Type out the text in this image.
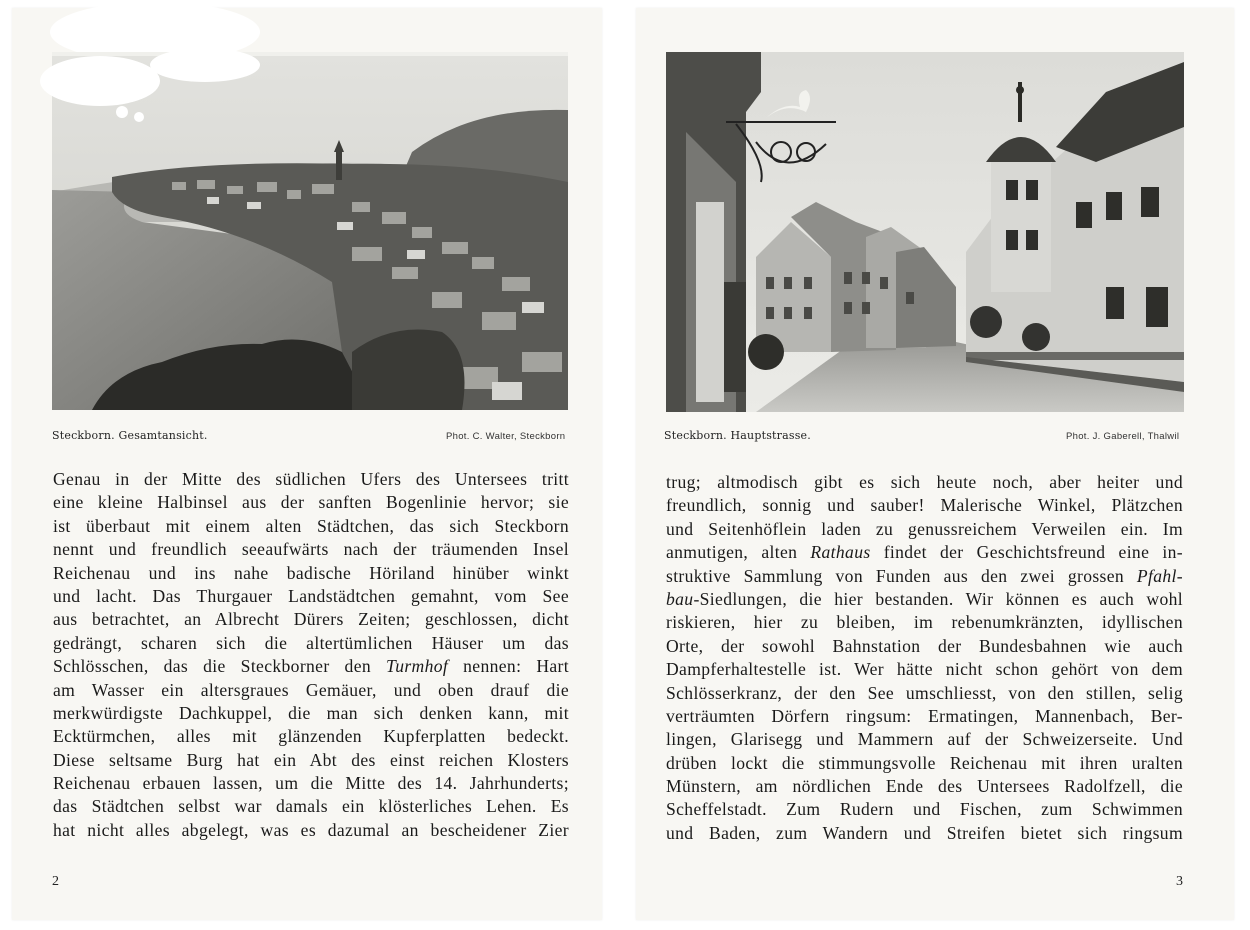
Steckborn. Gesamtansicht.	Phot. C. Walter, Steckborn
Genau in der Mitte des südlichen Ufers des Untersees tritt
eine kleine Halbinsel aus der sanften Bogenlinie hervor; sie
ist überbaut mit einem alten Städtchen, das sich Steckborn
nennt und freundlich seeaufwärts nach der träumenden Insel
Reichenau und ins nahe badische Höriland hinüber winkt
und lacht. Das Thurgauer Landstädtchen gemahnt, vom See
aus betrachtet, an Albrecht Dürers Zeiten; geschlossen, dicht
gedrängt, scharen sich die altertümlichen Häuser um das
Schlösschen, das die Steckborner den Turmhof nennen: Hart
am Wasser ein altersgraues Gemäuer, und oben drauf die
merkwürdigste Dachkuppel, die man sich denken kann, mit
Ecktürmchen, alles mit glänzenden Kupferplatten bedeckt.
Diese seltsame Burg hat ein Abt des einst reichen Klosters
Reichenau erbauen lassen, um die Mitte des 14. Jahrhunderts;
das Städtchen selbst war damals ein klösterliches Lehen. Es
hat nicht alles abgelegt, was es dazumal an bescheidener Zier
2
Steckborn. Hauptstrasse.	Phot. J. Gaberell, Thalwil
trug; altmodisch gibt es sich heute noch, aber heiter und
freundlich, sonnig und sauber! Malerische Winkel, Plätzchen
und Seitenhöflein laden zu genussreichem Verweilen ein. Im
anmutigen, alten Rathaus findet der Geschichtsfreund eine in-
struktive Sammlung von Funden aus den zwei grossen Pfahl-
bau-Siedlungen, die hier bestanden. Wir können es auch wohl
riskieren, hier zu bleiben, im rebenumkränzten, idyllischen
Orte, der sowohl Bahnstation der Bundesbahnen wie auch
Dampferhaltestelle ist. Wer hätte nicht schon gehört von dem
Schlösserkranz, der den See umschliesst, von den stillen, selig
verträumten Dörfern ringsum: Ermatingen, Mannenbach, Ber-
lingen, Glarisegg und Mammern auf der Schweizerseite. Und
drüben lockt die stimmungsvolle Reichenau mit ihren uralten
Münstern, am nördlichen Ende des Untersees Radolfzell, die
Scheffelstadt. Zum Rudern und Fischen, zum Schwimmen
und Baden, zum Wandern und Streifen bietet sich ringsum
3
